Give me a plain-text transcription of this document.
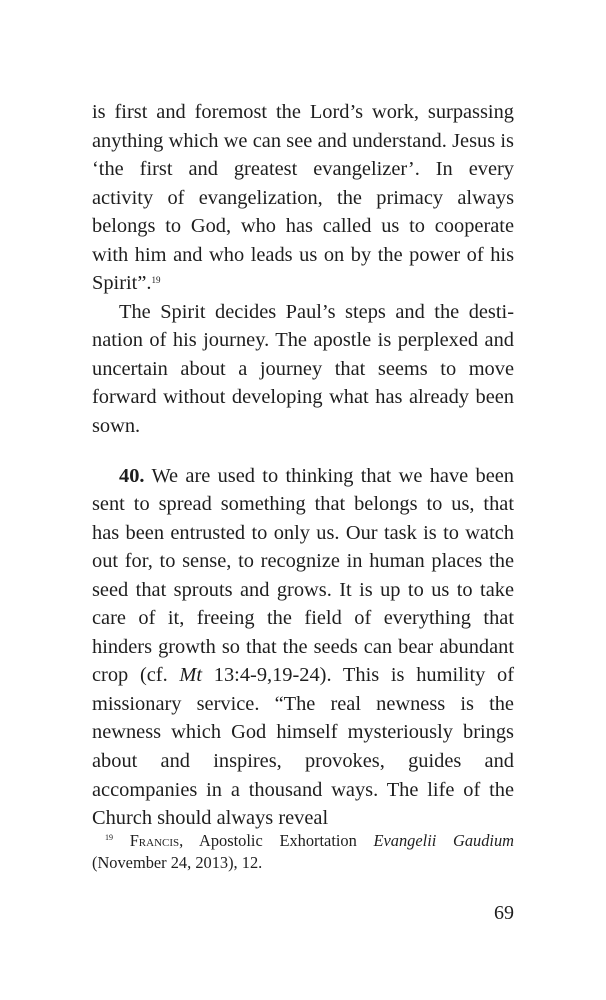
is first and foremost the Lord’s work, surpassing anything which we can see and understand. Jesus is ‘the first and greatest evangelizer’. In every activity of evangelization, the primacy always belongs to God, who has called us to cooperate with him and who leads us on by the power of his Spirit”.$^{19}$

The Spirit decides Paul’s steps and the destination of his journey. The apostle is perplexed and uncertain about a journey that seems to move forward without developing what has already been sown.

40. We are used to thinking that we have been sent to spread something that belongs to us, that has been entrusted to only us. Our task is to watch out for, to sense, to recognize in human places the seed that sprouts and grows. It is up to us to take care of it, freeing the field of everything that hinders growth so that the seeds can bear abundant crop (cf. Mt 13:4-9,19-24). This is humility of missionary service. “The real newness is the newness which God himself mysteriously brings about and inspires, provokes, guides and accompanies in a thousand ways. The life of the Church should always reveal

$^{19}$ Francis, Apostolic Exhortation Evangelii Gaudium (November 24, 2013), 12.

69
